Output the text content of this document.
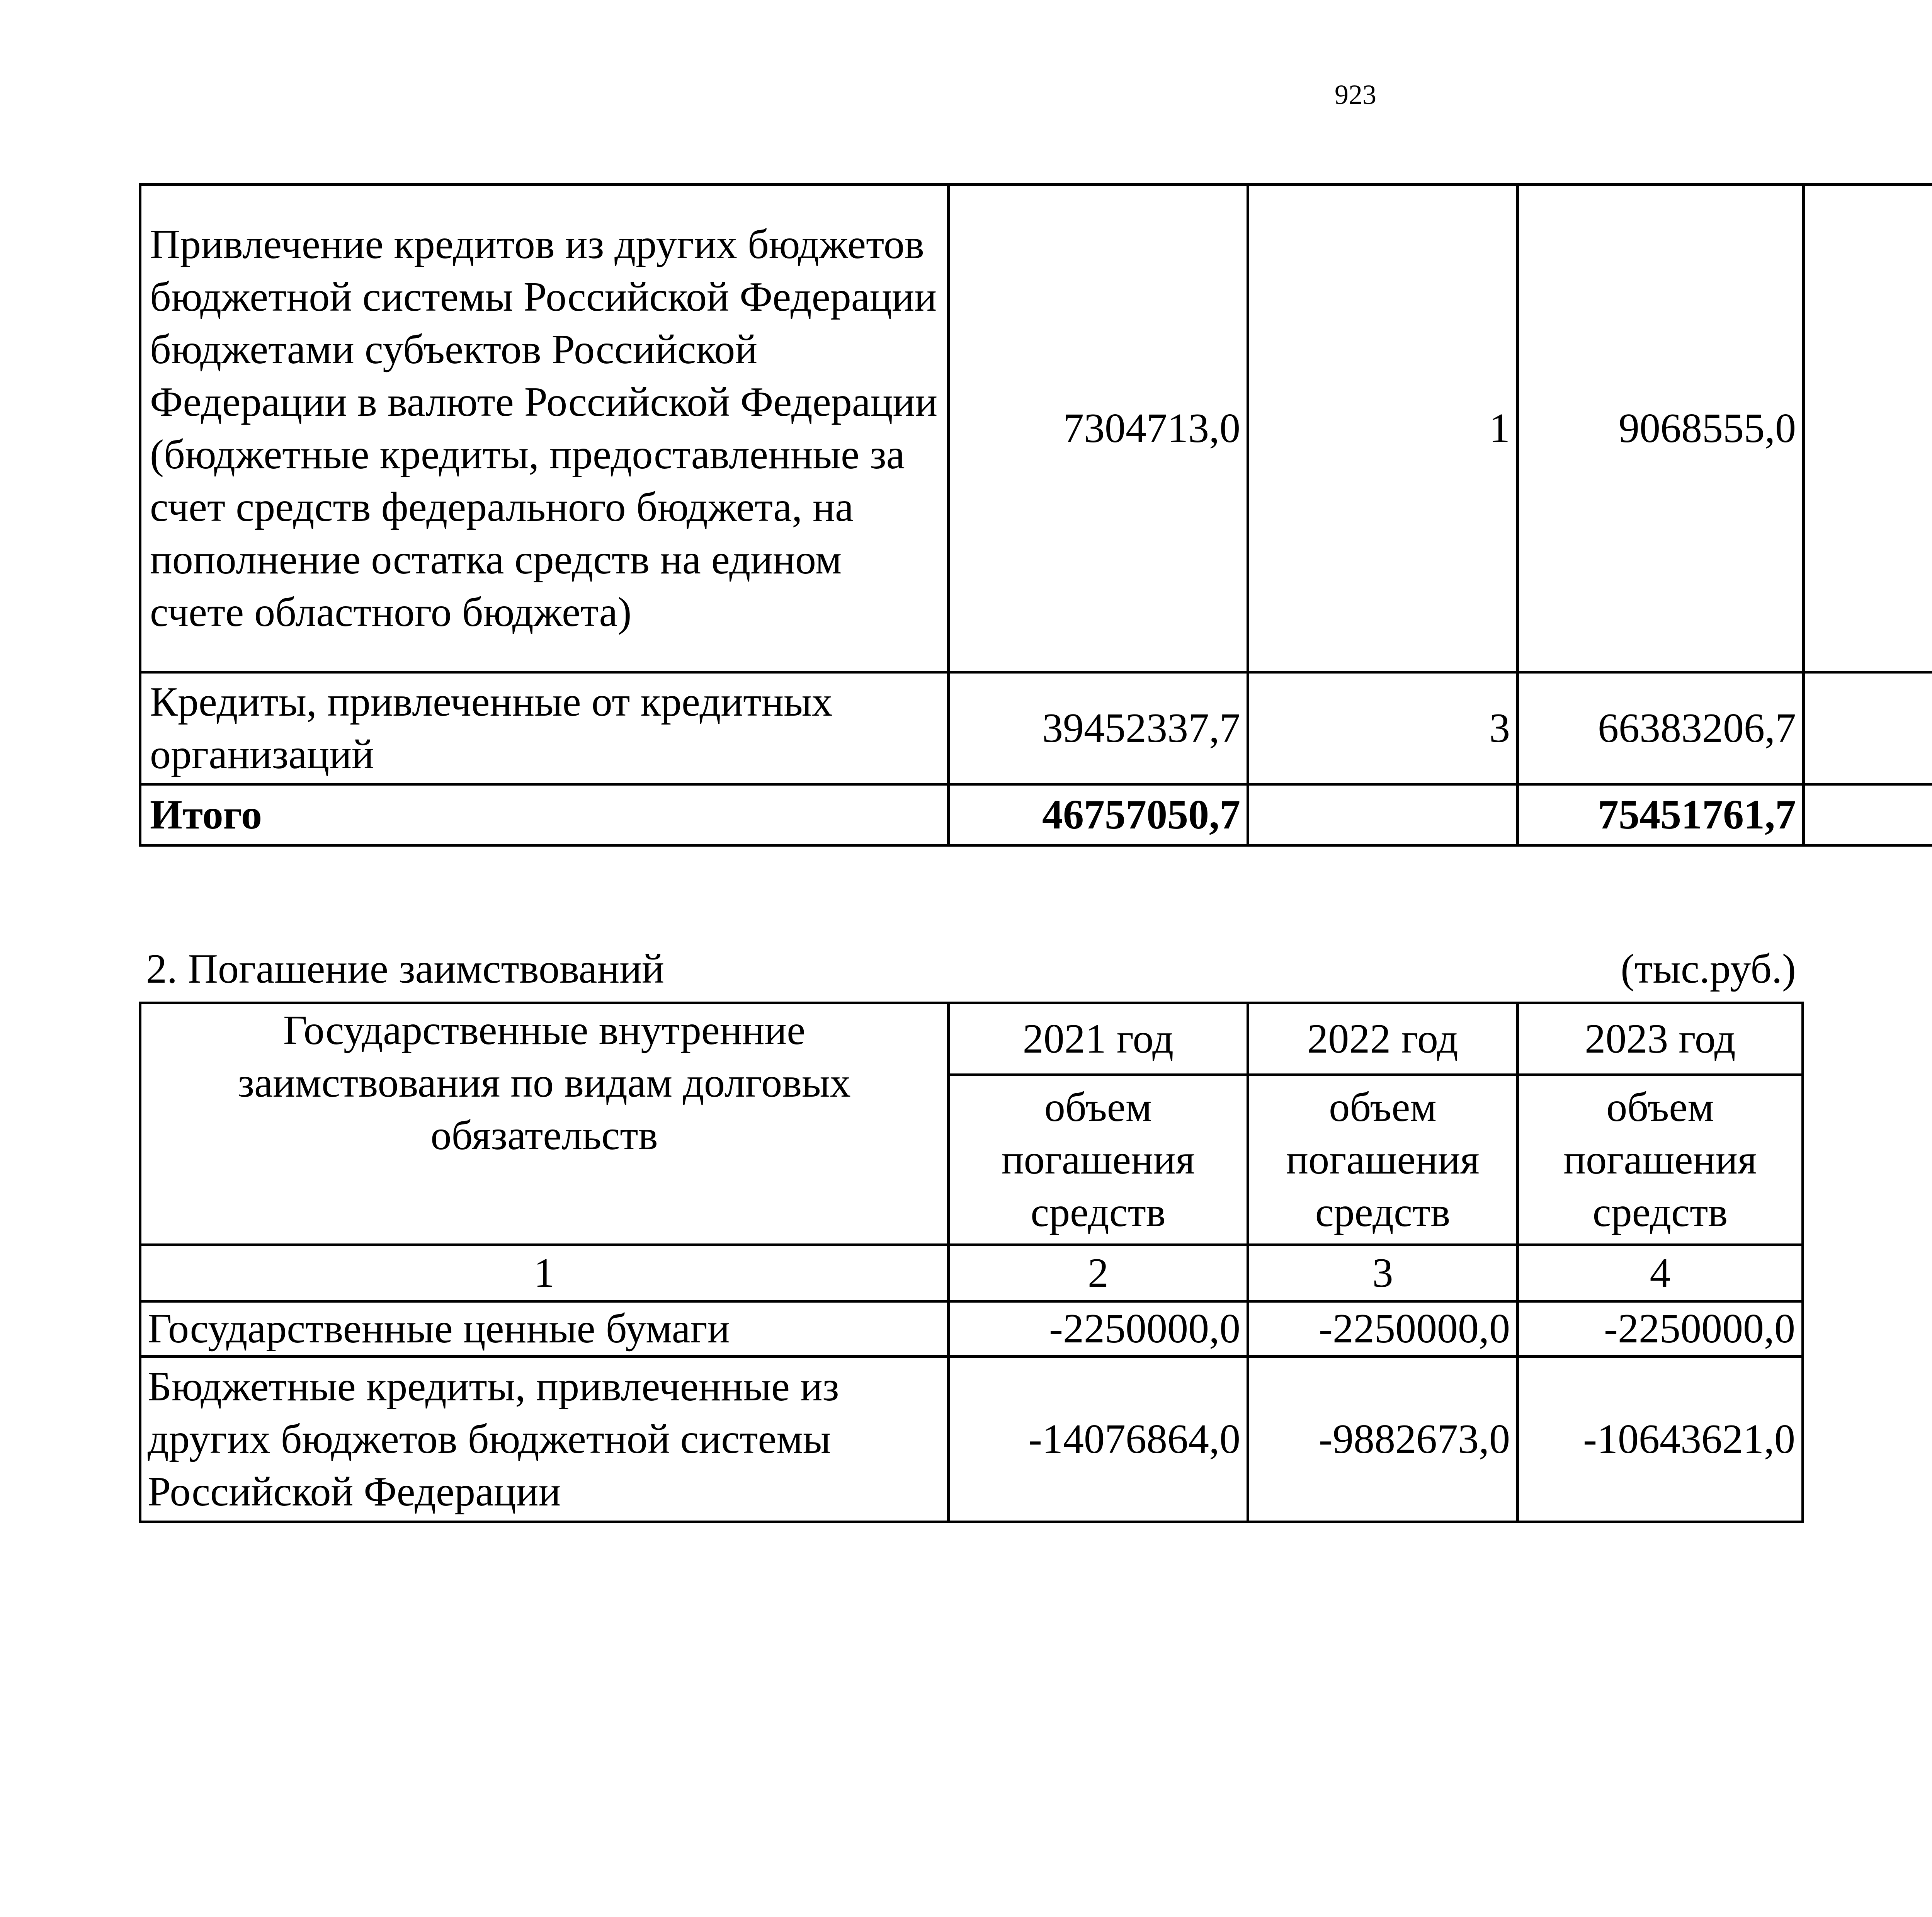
923
Привлечение кредитов из других бюджетов бюджетной системы Российской Федерации бюджетами субъектов Российской Федерации в валюте Российской Федерации (бюджетные кредиты, предоставленные за счет средств федерального бюджета, на пополнение остатка средств на едином счете областного бюджета)	7304713,0	1	9068555,0			
Кредиты, привлеченные от кредитных организаций	39452337,7	3	66383206,7			
Итого	46757050,7		75451761,7			
2. Погашение заимствований	(тыс.руб.)
Государственные внутренние заимствования по видам долговых обязательств	2021 год	2022 год	2023 год
	объем погашения средств	объем погашения средств	объем погашения средств
1	2	3	4
Государственные ценные бумаги	-2250000,0	-2250000,0	-2250000,0
Бюджетные кредиты, привлеченные из других бюджетов бюджетной системы Российской Федерации	-14076864,0	-9882673,0	-10643621,0
